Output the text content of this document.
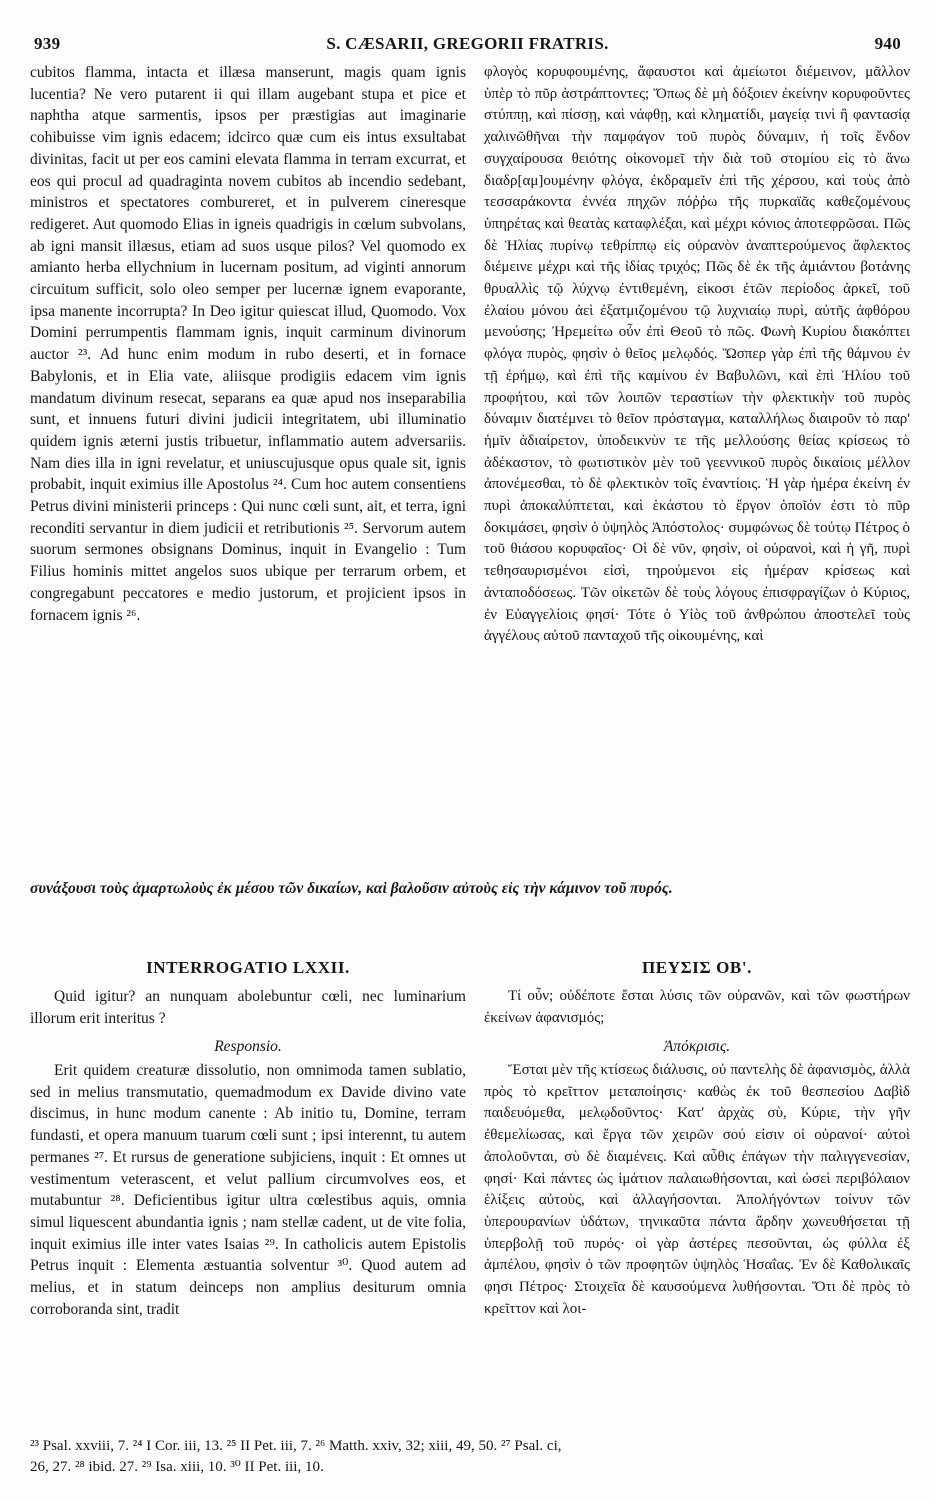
939	S. CÆSARII, GREGORII FRATRIS.	940

cubitos flamma, intacta et illæsa manserunt, magis quam ignis lucentia? Ne vero putarent ii qui illam augebant stupa et pice et naphtha atque sarmentis, ipsos per præstigias aut imaginarie cohibuisse vim ignis edacem; idcirco quæ cum eis intus exsultabat divinitas, facit ut per eos camini elevata flamma in terram excurrat, et eos qui procul ad quadraginta novem cubitos ab incendio sedebant, ministros et spectatores combureret, et in pulverem cineresque redigeret. Aut quomodo Elias in igneis quadrigis in cœlum subvolans, ab igni mansit illæsus, etiam ad suos usque pilos? Vel quomodo ex amianto herba ellychnium in lucernam positum, ad viginti annorum circuitum sufficit, solo oleo semper per lucernæ ignem evaporante, ipsa manente incorrupta? In Deo igitur quiescat illud, Quomodo. Vox Domini perrumpentis flammam ignis, inquit carminum divinorum auctor ²³. Ad hunc enim modum in rubo deserti, et in fornace Babylonis, et in Elia vate, aliisque prodigiis edacem vim ignis mandatum divinum resecat, separans ea quæ apud nos inseparabilia sunt, et innuens futuri divini judicii integritatem, ubi illuminatio quidem ignis æterni justis tribuetur, inflammatio autem adversariis. Nam dies illa in igni revelatur, et uniuscujusque opus quale sit, ignis probabit, inquit eximius ille Apostolus ²⁴. Cum hoc autem consentiens Petrus divini ministerii princeps : Qui nunc cœli sunt, ait, et terra, igni reconditi servantur in diem judicii et retributionis ²⁵. Servorum autem suorum sermones obsignans Dominus, inquit in Evangelio : Tum Filius hominis mittet angelos suos ubique per terrarum orbem, et congregabunt peccatores e medio justorum, et projicient ipsos in fornacem ignis ²⁶.

φλογὸς κορυφουμένης, ἄφαυστοι καὶ ἀμείωτοι διέμεινον, μᾶλλον ὑπὲρ τὸ πῦρ ἀστράπτοντες; Ὅπως δὲ μὴ δόξοιεν ἐκείνην κορυφοῦντες στύππῃ, καὶ πίσσῃ, καὶ νάφθῃ, καὶ κληματίδι, μαγείᾳ τινὶ ἢ φαντασίᾳ χαλινῶθῆναι τὴν παμφάγον τοῦ πυρὸς δύναμιν, ἡ τοῖς ἔνδον συγχαίρουσα θειότης οἰκονομεῖ τὴν διὰ τοῦ στομίου εἰς τὸ ἄνω διαδρ[αμ]ουμένην φλόγα, ἐκδραμεῖν ἐπὶ τῆς χέρσου, καὶ τοὺς ἀπὸ τεσσαράκοντα ἐννέα πηχῶν πόῤῥω τῆς πυρκαϊᾶς καθεζομένους ὑπηρέτας καὶ θεατὰς καταφλέξαι, καὶ μέχρι κόνιος ἀποτεφρῶσαι. Πῶς δὲ Ἠλίας πυρίνῳ τεθρίππῳ εἰς οὐρανὸν ἀναπτερούμενος ἄφλεκτος διέμεινε μέχρι καὶ τῆς ἰδίας τριχός; Πῶς δὲ ἐκ τῆς ἀμιάντου βοτάνης θρυαλλὶς τῷ λύχνῳ ἐντιθεμένη, εἰκοσι ἐτῶν περίοδος ἀρκεῖ, τοῦ ἐλαίου μόνου ἀεὶ ἐξατμιζομένου τῷ λυχνιαίῳ πυρὶ, αὐτῆς ἀφθόρου μενούσης; Ἠρεμείτω οὖν ἐπὶ Θεοῦ τὸ πῶς. Φωνὴ Κυρίου διακόπτει φλόγα πυρὸς, φησὶν ὁ θεῖος μελῳδός. Ὥσπερ γὰρ ἐπὶ τῆς θάμνου ἐν τῇ ἐρήμῳ, καὶ ἐπὶ τῆς καμίνου ἐν Βαβυλῶνι, καὶ ἐπὶ Ἠλίου τοῦ προφήτου, καὶ τῶν λοιπῶν τεραστίων τὴν φλεκτικὴν τοῦ πυρὸς δύναμιν διατέμνει τὸ θεῖον πρόσταγμα, καταλλήλως διαιροῦν τὸ παρ' ἡμῖν ἀδιαίρετον, ὑποδεικνὺν τε τῆς μελλούσης θείας κρίσεως τὸ ἀδέκαστον, τὸ φωτιστικὸν μὲν τοῦ γεεννικοῦ πυρὸς δικαίοις μέλλον ἀπονέμεσθαι, τὸ δὲ φλεκτικὸν τοῖς ἐναντίοις. Ἡ γὰρ ἡμέρα ἐκείνη ἐν πυρὶ ἀποκαλύπτεται, καὶ ἑκάστου τὸ ἔργον ὁποῖόν ἐστι τὸ πῦρ δοκιμάσει, φησὶν ὁ ὑψηλὸς Ἀπόστολος· συμφώνως δὲ τούτῳ Πέτρος ὁ τοῦ θιάσου κορυφαῖος· Οἱ δὲ νῦν, φησὶν, οἱ οὐρανοὶ, καὶ ἡ γῆ, πυρὶ τεθησαυρισμένοι εἰσὶ, τηρούμενοι εἰς ἡμέραν κρίσεως καὶ ἀνταποδόσεως. Τῶν οἰκετῶν δὲ τοὺς λόγους ἐπισφραγίζων ὁ Κύριος, ἐν Εὐαγγελίοις φησί· Τότε ὁ Υἱὸς τοῦ ἀνθρώπου ἀποστελεῖ τοὺς ἀγγέλους αὐτοῦ πανταχοῦ τῆς οἰκουμένης, καὶ

συνάξουσι τοὺς ἁμαρτωλοὺς ἐκ μέσου τῶν δικαίων, καὶ βαλοῦσιν αὐτοὺς εἰς τὴν κάμινον τοῦ πυρός.
INTERROGATIO LXXII.	ΠΕΥΣΙΣ ΟΒ'.
Quid igitur? an nunquam abolebuntur cœli, nec luminarium illorum erit interitus ?
Τί οὖν; οὐδέποτε ἔσται λύσις τῶν οὐρανῶν, καὶ τῶν φωστήρων ἐκείνων ἀφανισμός;
Responsio.	Ἀπόκρισις.
Erit quidem creaturæ dissolutio, non omnimoda tamen sublatio, sed in melius transmutatio, quemadmodum ex Davide divino vate discimus, in hunc modum canente : Ab initio tu, Domine, terram fundasti, et opera manuum tuarum cœli sunt ; ipsi interennt, tu autem permanes ²⁷. Et rursus de generatione subjiciens, inquit : Et omnes ut vestimentum veterascent, et velut pallium circumvolves eos, et mutabuntur ²⁸. Deficientibus igitur ultra cœlestibus aquis, omnia simul liquescent abundantia ignis ; nam stellæ cadent, ut de vite folia, inquit eximius ille inter vates Isaias ²⁹. In catholicis autem Epistolis Petrus inquit : Elementa æstuantia solventur ³⁰. Quod autem ad melius, et in statum deinceps non amplius desiturum omnia corroboranda sint, tradit
Ἔσται μὲν τῆς κτίσεως διάλυσις, οὐ παντελὴς δὲ ἀφανισμὸς, ἀλλὰ πρὸς τὸ κρεῖττον μεταποίησις· καθὼς ἐκ τοῦ θεσπεσίου Δαβὶδ παιδευόμεθα, μελῳδοῦντος· Κατ' ἀρχὰς σὺ, Κύριε, τὴν γῆν ἐθεμελίωσας, καὶ ἔργα τῶν χειρῶν σού εἰσιν οἱ οὐρανοί· αὐτοὶ ἀπολοῦνται, σὺ δὲ διαμένεις. Καὶ αὖθις ἐπάγων τὴν παλιγγενεσίαν, φησί· Καὶ πάντες ὡς ἱμάτιον παλαιωθήσονται, καὶ ὡσεὶ περιβόλαιον ἑλίξεις αὐτοὺς, καὶ ἀλλαγήσονται. Ἀπολήγόντων τοίνυν τῶν ὑπερουρανίων ὑδάτων, τηνικαῦτα πάντα ἄρδην χωνευθήσεται τῇ ὑπερβολῇ τοῦ πυρός· οἱ γὰρ ἀστέρες πεσοῦνται, ὡς φύλλα ἐξ ἀμπέλου, φησὶν ὁ τῶν προφητῶν ὑψηλὸς Ἡσαΐας. Ἐν δὲ Καθολικαῖς φησι Πέτρος· Στοιχεῖα δὲ καυσούμενα λυθήσονται. Ὅτι δὲ πρὸς τὸ κρεῖττον καὶ λοι-

²³ Psal. xxviii, 7. ²⁴ I Cor. iii, 13. ²⁵ II Pet. iii, 7. ²⁶ Matth. xxiv, 32; xiii, 49, 50. ²⁷ Psal. ci,

26, 27. ²⁸ ibid. 27. ²⁹ Isa. xiii, 10. ³⁰ II Pet. iii, 10.
